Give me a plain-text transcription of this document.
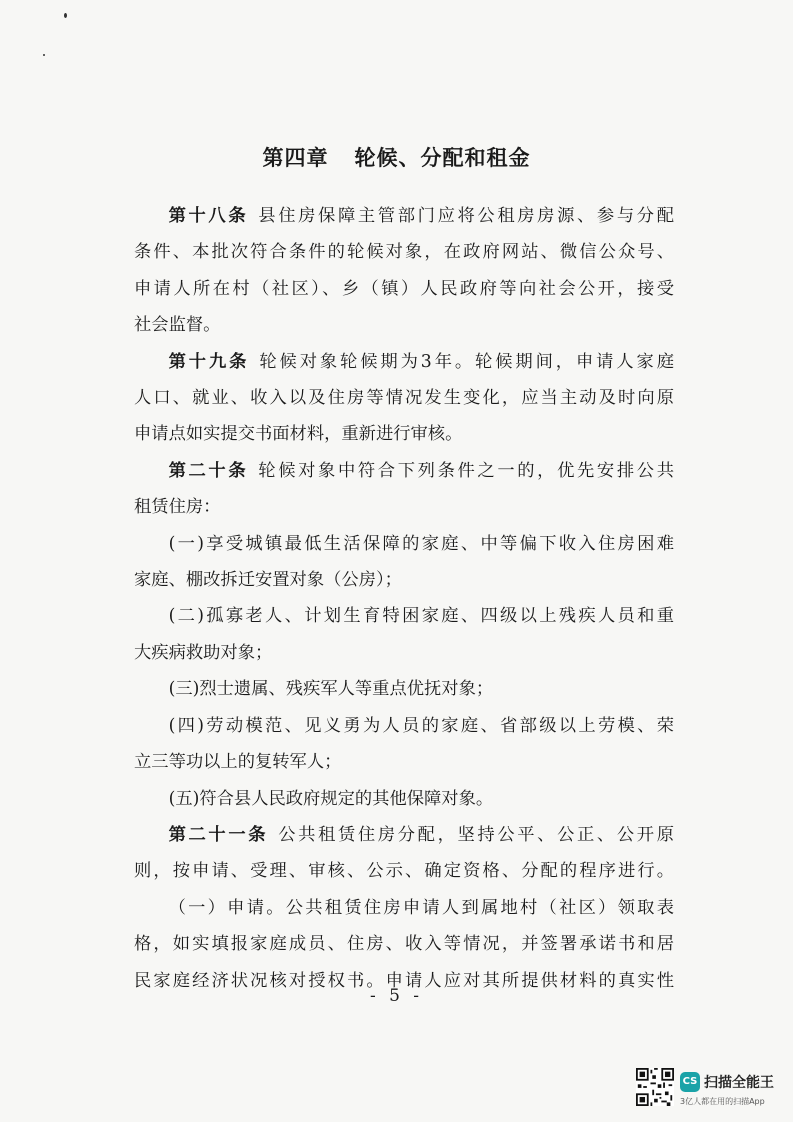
第四章 轮候、分配和租金
第十八条 县住房保障主管部门应将公租房房源、参与分配
条件、本批次符合条件的轮候对象，在政府网站、微信公众号、
申请人所在村（社区）、乡（镇）人民政府等向社会公开，接受
社会监督。
第十九条 轮候对象轮候期为3年。轮候期间，申请人家庭
人口、就业、收入以及住房等情况发生变化，应当主动及时向原
申请点如实提交书面材料，重新进行审核。
第二十条 轮候对象中符合下列条件之一的，优先安排公共
租赁住房：
(一)享受城镇最低生活保障的家庭、中等偏下收入住房困难
家庭、棚改拆迁安置对象（公房）；
(二)孤寡老人、计划生育特困家庭、四级以上残疾人员和重
大疾病救助对象；
(三)烈士遗属、残疾军人等重点优抚对象；
(四)劳动模范、见义勇为人员的家庭、省部级以上劳模、荣
立三等功以上的复转军人；
(五)符合县人民政府规定的其他保障对象。
第二十一条 公共租赁住房分配，坚持公平、公正、公开原
则，按申请、受理、审核、公示、确定资格、分配的程序进行。
（一）申请。公共租赁住房申请人到属地村（社区）领取表
格，如实填报家庭成员、住房、收入等情况，并签署承诺书和居
民家庭经济状况核对授权书。申请人应对其所提供材料的真实性
- 5 -
CS 扫描全能王
3亿人都在用的扫描App
